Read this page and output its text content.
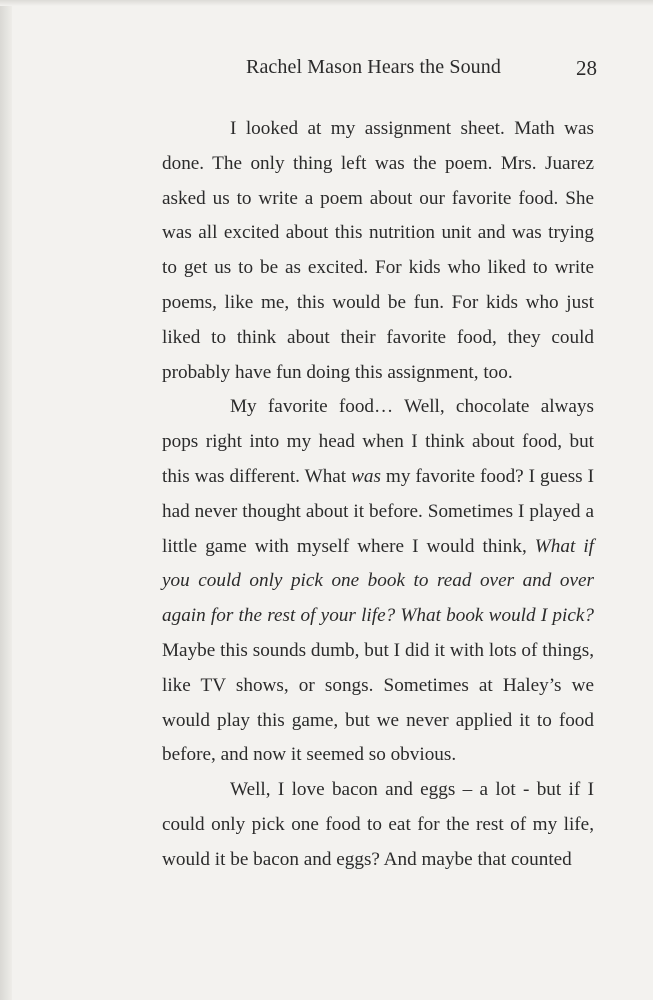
Rachel Mason Hears the Sound	28

I looked at my assignment sheet. Math was done. The only thing left was the poem. Mrs. Juarez asked us to write a poem about our favorite food. She was all excited about this nutrition unit and was trying to get us to be as excited. For kids who liked to write poems, like me, this would be fun. For kids who just liked to think about their favorite food, they could probably have fun doing this assignment, too.

My favorite food… Well, chocolate always pops right into my head when I think about food, but this was different. What was my favorite food? I guess I had never thought about it before. Sometimes I played a little game with myself where I would think, What if you could only pick one book to read over and over again for the rest of your life? What book would I pick? Maybe this sounds dumb, but I did it with lots of things, like TV shows, or songs. Sometimes at Haley’s we would play this game, but we never applied it to food before, and now it seemed so obvious.

Well, I love bacon and eggs – a lot - but if I could only pick one food to eat for the rest of my life, would it be bacon and eggs? And maybe that counted
